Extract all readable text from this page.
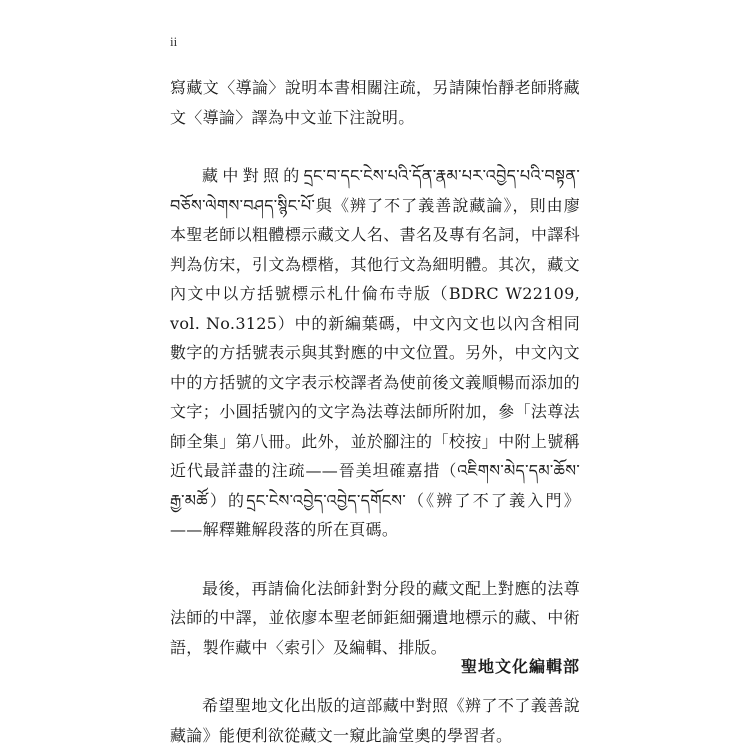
ii

寫藏文〈導論〉說明本書相關注疏，另請陳怡靜老師將藏文〈導論〉譯為中文並下注說明。

藏中對照的དྲང་བ་དང་ངེས་པའི་དོན་རྣམ་པར་འབྱེད་པའི་བསྟན་བཅོས་ལེགས་བཤད་སྙིང་པོ་與《辨了不了義善說藏論》，則由廖本聖老師以粗體標示藏文人名、書名及專有名詞，中譯科判為仿宋，引文為標楷，其他行文為細明體。其次，藏文內文中以方括號標示札什倫布寺版（BDRC W22109, vol. No.3125）中的新編葉碼，中文內文也以內含相同數字的方括號表示與其對應的中文位置。另外，中文內文中的方括號的文字表示校譯者為使前後文義順暢而添加的文字；小圓括號內的文字為法尊法師所附加，參「法尊法師全集」第八冊。此外，並於腳注的「校按」中附上號稱近代最詳盡的注疏——晉美坦確嘉措（འཇིགས་མེད་དམ་ཆོས་རྒྱ་མཚོ）的དྲང་ངེས་འབྱེད་འབྱེད་དགོངས་（《辨了不了義入門》——解釋難解段落的所在頁碼。

最後，再請倫化法師針對分段的藏文配上對應的法尊法師的中譯，並依廖本聖老師鉅細彌遺地標示的藏、中術語，製作藏中〈索引〉及編輯、排版。

希望聖地文化出版的這部藏中對照《辨了不了義善說藏論》能便利欲從藏文一窺此論堂奧的學習者。

聖地文化編輯部
